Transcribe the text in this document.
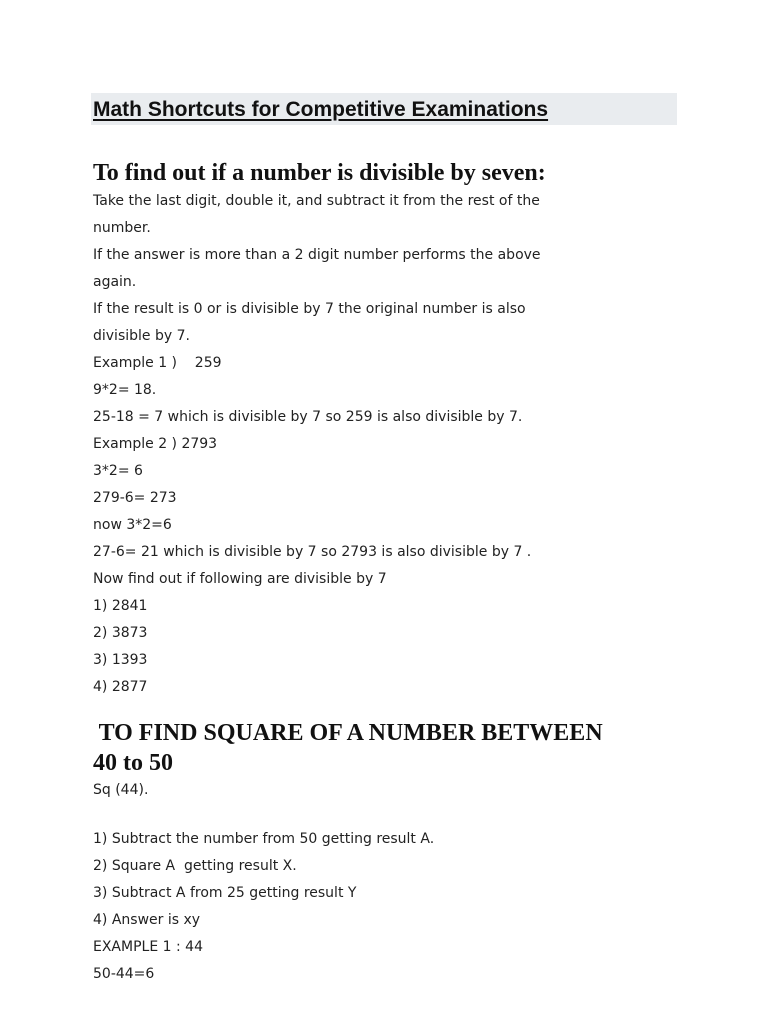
Math Shortcuts for Competitive Examinations
To find out if a number is divisible by seven:
Take the last digit, double it, and subtract it from the rest of the
number.
If the answer is more than a 2 digit number performs the above
again.
If the result is 0 or is divisible by 7 the original number is also
divisible by 7.
Example 1 )    259
9*2= 18.
25-18 = 7 which is divisible by 7 so 259 is also divisible by 7.
Example 2 ) 2793
3*2= 6
279-6= 273
now 3*2=6
27-6= 21 which is divisible by 7 so 2793 is also divisible by 7 .
Now find out if following are divisible by 7
1) 2841
2) 3873
3) 1393
4) 2877
TO FIND SQUARE OF A NUMBER BETWEEN
40 to 50
Sq (44).
1) Subtract the number from 50 getting result A.
2) Square A  getting result X.
3) Subtract A from 25 getting result Y
4) Answer is xy
EXAMPLE 1 : 44
50-44=6
